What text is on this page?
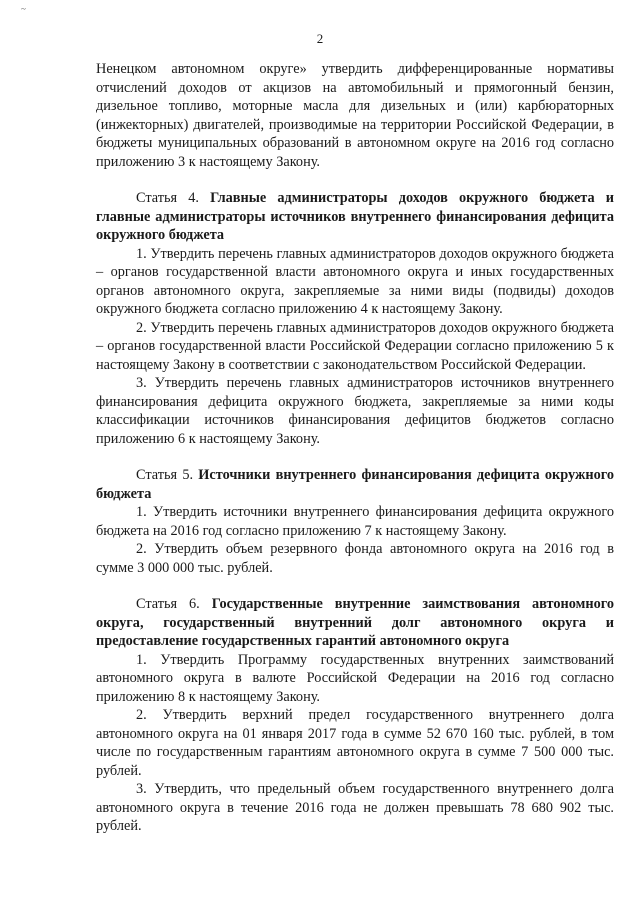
~
2

Ненецком автономном округе» утвердить дифференцированные нормативы отчислений доходов от акцизов на автомобильный и прямогонный бензин, дизельное топливо, моторные масла для дизельных и (или) карбюраторных (инжекторных) двигателей, производимые на территории Российской Федерации, в бюджеты муниципальных образований в автономном округе на 2016 год согласно приложению 3 к настоящему Закону.

Статья 4. Главные администраторы доходов окружного бюджета и главные администраторы источников внутреннего финансирования дефицита окружного бюджета

1. Утвердить перечень главных администраторов доходов окружного бюджета – органов государственной власти автономного округа и иных государственных органов автономного округа, закрепляемые за ними виды (подвиды) доходов окружного бюджета согласно приложению 4 к настоящему Закону.

2. Утвердить перечень главных администраторов доходов окружного бюджета – органов государственной власти Российской Федерации согласно приложению 5 к настоящему Закону в соответствии с законодательством Российской Федерации.

3. Утвердить перечень главных администраторов источников внутреннего финансирования дефицита окружного бюджета, закрепляемые за ними коды классификации источников финансирования дефицитов бюджетов согласно приложению 6 к настоящему Закону.

Статья 5. Источники внутреннего финансирования дефицита окружного бюджета

1. Утвердить источники внутреннего финансирования дефицита окружного бюджета на 2016 год согласно приложению 7 к настоящему Закону.

2. Утвердить объем резервного фонда автономного округа на 2016 год в сумме 3 000 000 тыс. рублей.

Статья 6. Государственные внутренние заимствования автономного округа, государственный внутренний долг автономного округа и предоставление государственных гарантий автономного округа

1. Утвердить Программу государственных внутренних заимствований автономного округа в валюте Российской Федерации на 2016 год согласно приложению 8 к настоящему Закону.

2. Утвердить верхний предел государственного внутреннего долга автономного округа на 01 января 2017 года в сумме 52 670 160 тыс. рублей, в том числе по государственным гарантиям автономного округа в сумме 7 500 000 тыс. рублей.

3. Утвердить, что предельный объем государственного внутреннего долга автономного округа в течение 2016 года не должен превышать 78 680 902 тыс. рублей.
